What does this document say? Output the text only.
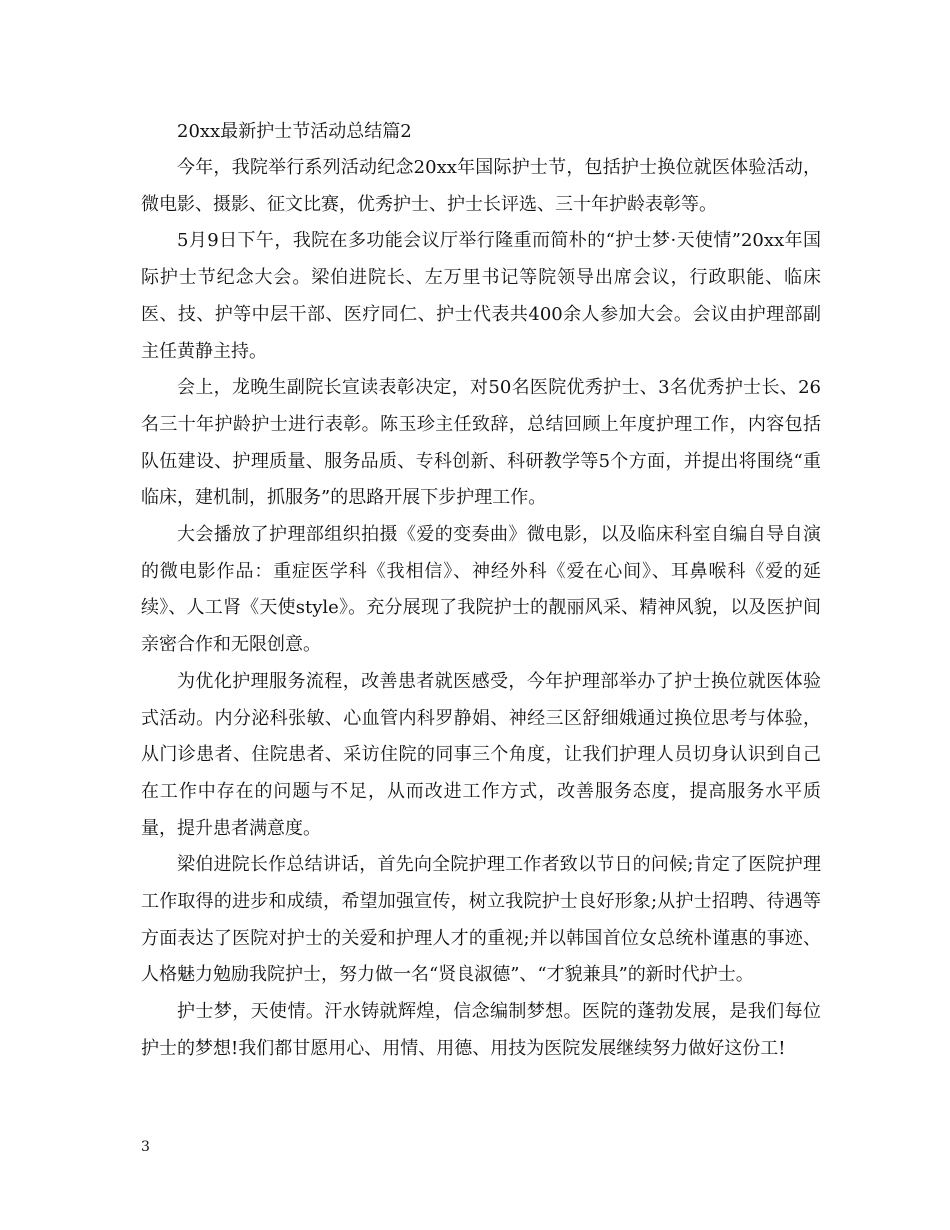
20xx最新护士节活动总结篇2

今年，我院举行系列活动纪念20xx年国际护士节，包括护士换位就医体验活动，微电影、摄影、征文比赛，优秀护士、护士长评选、三十年护龄表彰等。

5月9日下午，我院在多功能会议厅举行隆重而简朴的“护士梦·天使情”20xx年国际护士节纪念大会。梁伯进院长、左万里书记等院领导出席会议，行政职能、临床医、技、护等中层干部、医疗同仁、护士代表共400余人参加大会。会议由护理部副主任黄静主持。

会上，龙晚生副院长宣读表彰决定，对50名医院优秀护士、3名优秀护士长、26名三十年护龄护士进行表彰。陈玉珍主任致辞，总结回顾上年度护理工作，内容包括队伍建设、护理质量、服务品质、专科创新、科研教学等5个方面，并提出将围绕“重临床，建机制，抓服务”的思路开展下步护理工作。

大会播放了护理部组织拍摄《爱的变奏曲》微电影，以及临床科室自编自导自演的微电影作品：重症医学科《我相信》、神经外科《爱在心间》、耳鼻喉科《爱的延续》、人工肾《天使style》。充分展现了我院护士的靓丽风采、精神风貌，以及医护间亲密合作和无限创意。

为优化护理服务流程，改善患者就医感受，今年护理部举办了护士换位就医体验式活动。内分泌科张敏、心血管内科罗静娟、神经三区舒细娥通过换位思考与体验，从门诊患者、住院患者、采访住院的同事三个角度，让我们护理人员切身认识到自己在工作中存在的问题与不足，从而改进工作方式，改善服务态度，提高服务水平质量，提升患者满意度。

梁伯进院长作总结讲话，首先向全院护理工作者致以节日的问候;肯定了医院护理工作取得的进步和成绩，希望加强宣传，树立我院护士良好形象;从护士招聘、待遇等方面表达了医院对护士的关爱和护理人才的重视;并以韩国首位女总统朴谨惠的事迹、人格魅力勉励我院护士，努力做一名“贤良淑德”、“才貌兼具”的新时代护士。

护士梦，天使情。汗水铸就辉煌，信念编制梦想。医院的蓬勃发展，是我们每位护士的梦想!我们都甘愿用心、用情、用德、用技为医院发展继续努力做好这份工!

3
